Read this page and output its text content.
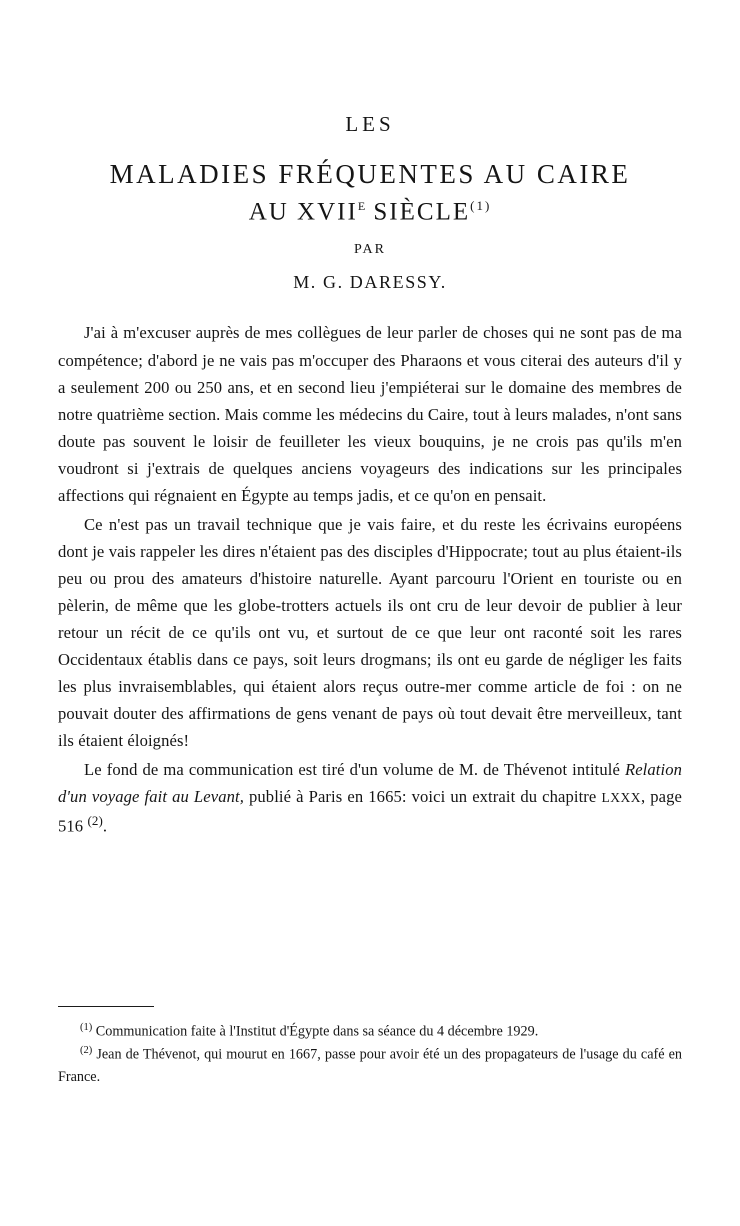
LES
MALADIES FRÉQUENTES AU CAIRE
AU $XVII^E$ SIÈCLE$^{(1)}$
PAR
M. G. DARESSY.

J'ai à m'excuser auprès de mes collègues de leur parler de choses qui ne sont pas de ma compétence; d'abord je ne vais pas m'occuper des Pharaons et vous citerai des auteurs d'il y a seulement 200 ou 250 ans, et en second lieu j'empiéterai sur le domaine des membres de notre quatrième section. Mais comme les médecins du Caire, tout à leurs malades, n'ont sans doute pas souvent le loisir de feuilleter les vieux bouquins, je ne crois pas qu'ils m'en voudront si j'extrais de quelques anciens voyageurs des indications sur les principales affections qui régnaient en Égypte au temps jadis, et ce qu'on en pensait.

Ce n'est pas un travail technique que je vais faire, et du reste les écrivains européens dont je vais rappeler les dires n'étaient pas des disciples d'Hippocrate; tout au plus étaient-ils peu ou prou des amateurs d'histoire naturelle. Ayant parcouru l'Orient en touriste ou en pèlerin, de même que les globe-trotters actuels ils ont cru de leur devoir de publier à leur retour un récit de ce qu'ils ont vu, et surtout de ce que leur ont raconté soit les rares Occidentaux établis dans ce pays, soit leurs drogmans; ils ont eu garde de négliger les faits les plus invraisemblables, qui étaient alors reçus outre-mer comme article de foi : on ne pouvait douter des affirmations de gens venant de pays où tout devait être merveilleux, tant ils étaient éloignés!

Le fond de ma communication est tiré d'un volume de M. de Thévenot intitulé Relation d'un voyage fait au Levant, publié à Paris en 1665: voici un extrait du chapitre LXXX, page 516 $^{(2)}$.

$^{(1)}$ Communication faite à l'Institut d'Égypte dans sa séance du 4 décembre 1929.

$^{(2)}$ Jean de Thévenot, qui mourut en 1667, passe pour avoir été un des propagateurs de l'usage du café en France.
